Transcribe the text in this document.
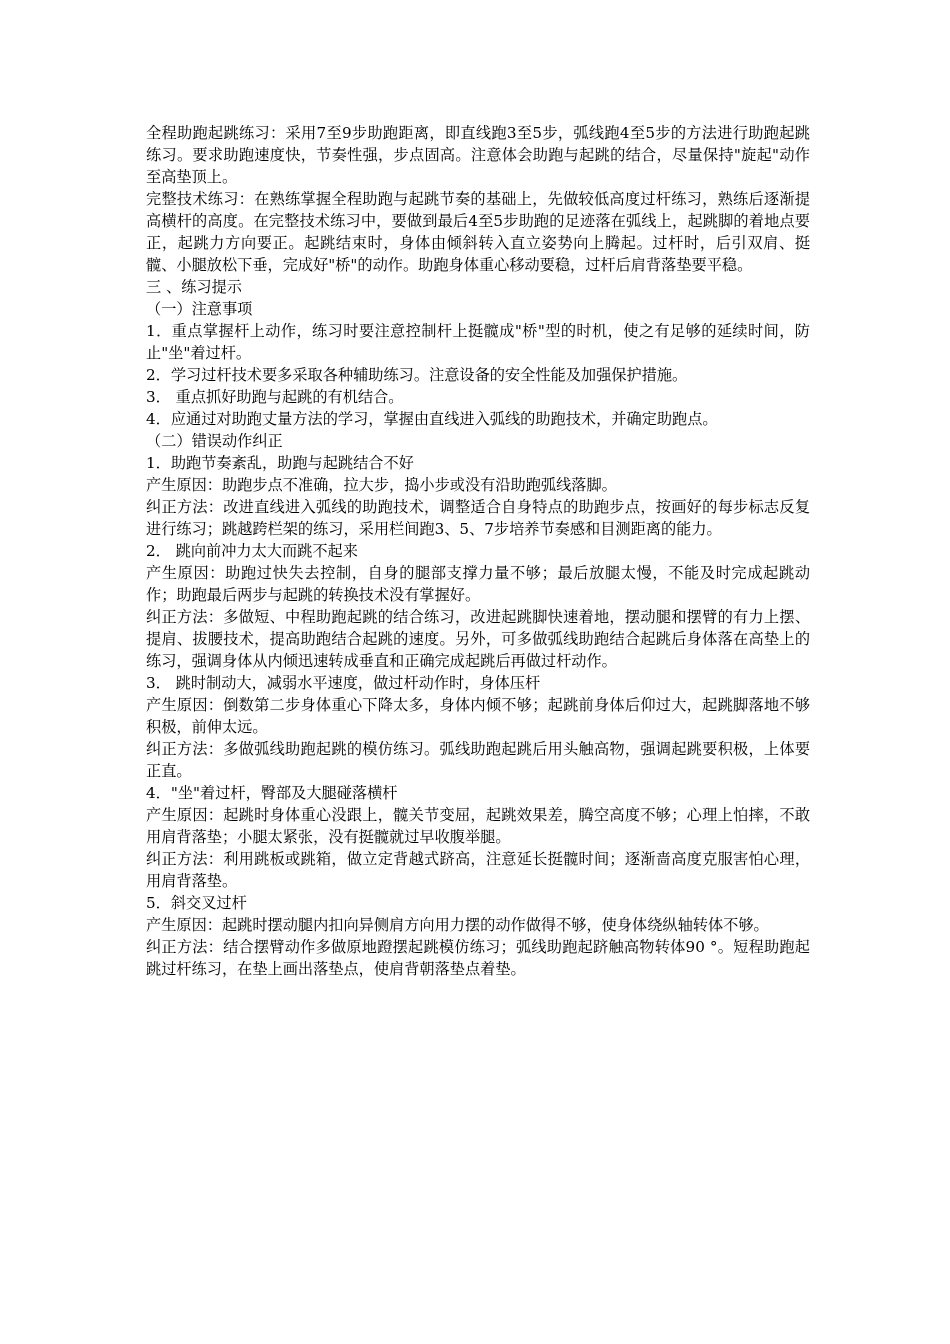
全程助跑起跳练习：采用7至9步助跑距离，即直线跑3至5步，弧线跑4至5步的方法进行助跑起跳练习。要求助跑速度快，节奏性强，步点固高。注意体会助跑与起跳的结合，尽量保持"旋起"动作至高垫顶上。

完整技术练习：在熟练掌握全程助跑与起跳节奏的基础上，先做较低高度过杆练习，熟练后逐渐提高横杆的高度。在完整技术练习中，要做到最后4至5步助跑的足迹落在弧线上，起跳脚的着地点要正，起跳力方向要正。起跳结束时，身体由倾斜转入直立姿势向上腾起。过杆时，后引双肩、挺髋、小腿放松下垂，完成好"桥"的动作。助跑身体重心移动要稳，过杆后肩背落垫要平稳。

三 、练习提示

（一）注意事项

1．重点掌握杆上动作，练习时要注意控制杆上挺髋成"桥"型的时机，使之有足够的延续时间，防止"坐"着过杆。

2．学习过杆技术要多采取各种辅助练习。注意设备的安全性能及加强保护措施。

3． 重点抓好助跑与起跳的有机结合。

4．应通过对助跑丈量方法的学习，掌握由直线进入弧线的助跑技术，并确定助跑点。

（二）错误动作纠正

1．助跑节奏紊乱，助跑与起跳结合不好

产生原因：助跑步点不准确，拉大步，捣小步或没有沿助跑弧线落脚。

纠正方法：改进直线进入弧线的助跑技术，调整适合自身特点的助跑步点，按画好的每步标志反复进行练习；跳越跨栏架的练习，采用栏间跑3、5、7步培养节奏感和目测距离的能力。

2． 跳向前冲力太大而跳不起来

产生原因：助跑过快失去控制，自身的腿部支撑力量不够；最后放腿太慢，不能及时完成起跳动作；助跑最后两步与起跳的转换技术没有掌握好。

纠正方法：多做短、中程助跑起跳的结合练习，改进起跳脚快速着地，摆动腿和摆臂的有力上摆、提肩、拔腰技术，提高助跑结合起跳的速度。另外，可多做弧线助跑结合起跳后身体落在高垫上的练习，强调身体从内倾迅速转成垂直和正确完成起跳后再做过杆动作。

3． 跳时制动大，减弱水平速度，做过杆动作时，身体压杆

产生原因：倒数第二步身体重心下降太多，身体内倾不够；起跳前身体后仰过大，起跳脚落地不够积极，前伸太远。

纠正方法：多做弧线助跑起跳的模仿练习。弧线助跑起跳后用头触高物，强调起跳要积极，上体要正直。

4．"坐"着过杆，臀部及大腿碰落横杆

产生原因：起跳时身体重心没跟上，髋关节变屈，起跳效果差，腾空高度不够；心理上怕摔，不敢用肩背落垫；小腿太紧张，没有挺髋就过早收腹举腿。

纠正方法：利用跳板或跳箱，做立定背越式跻高，注意延长挺髋时间；逐渐啬高度克服害怕心理，用肩背落垫。

5．斜交叉过杆

产生原因：起跳时摆动腿内扣向异侧肩方向用力摆的动作做得不够，使身体绕纵轴转体不够。

纠正方法：结合摆臂动作多做原地蹬摆起跳模仿练习；弧线助跑起跻触高物转体90 °。短程助跑起跳过杆练习，在垫上画出落垫点，使肩背朝落垫点着垫。
